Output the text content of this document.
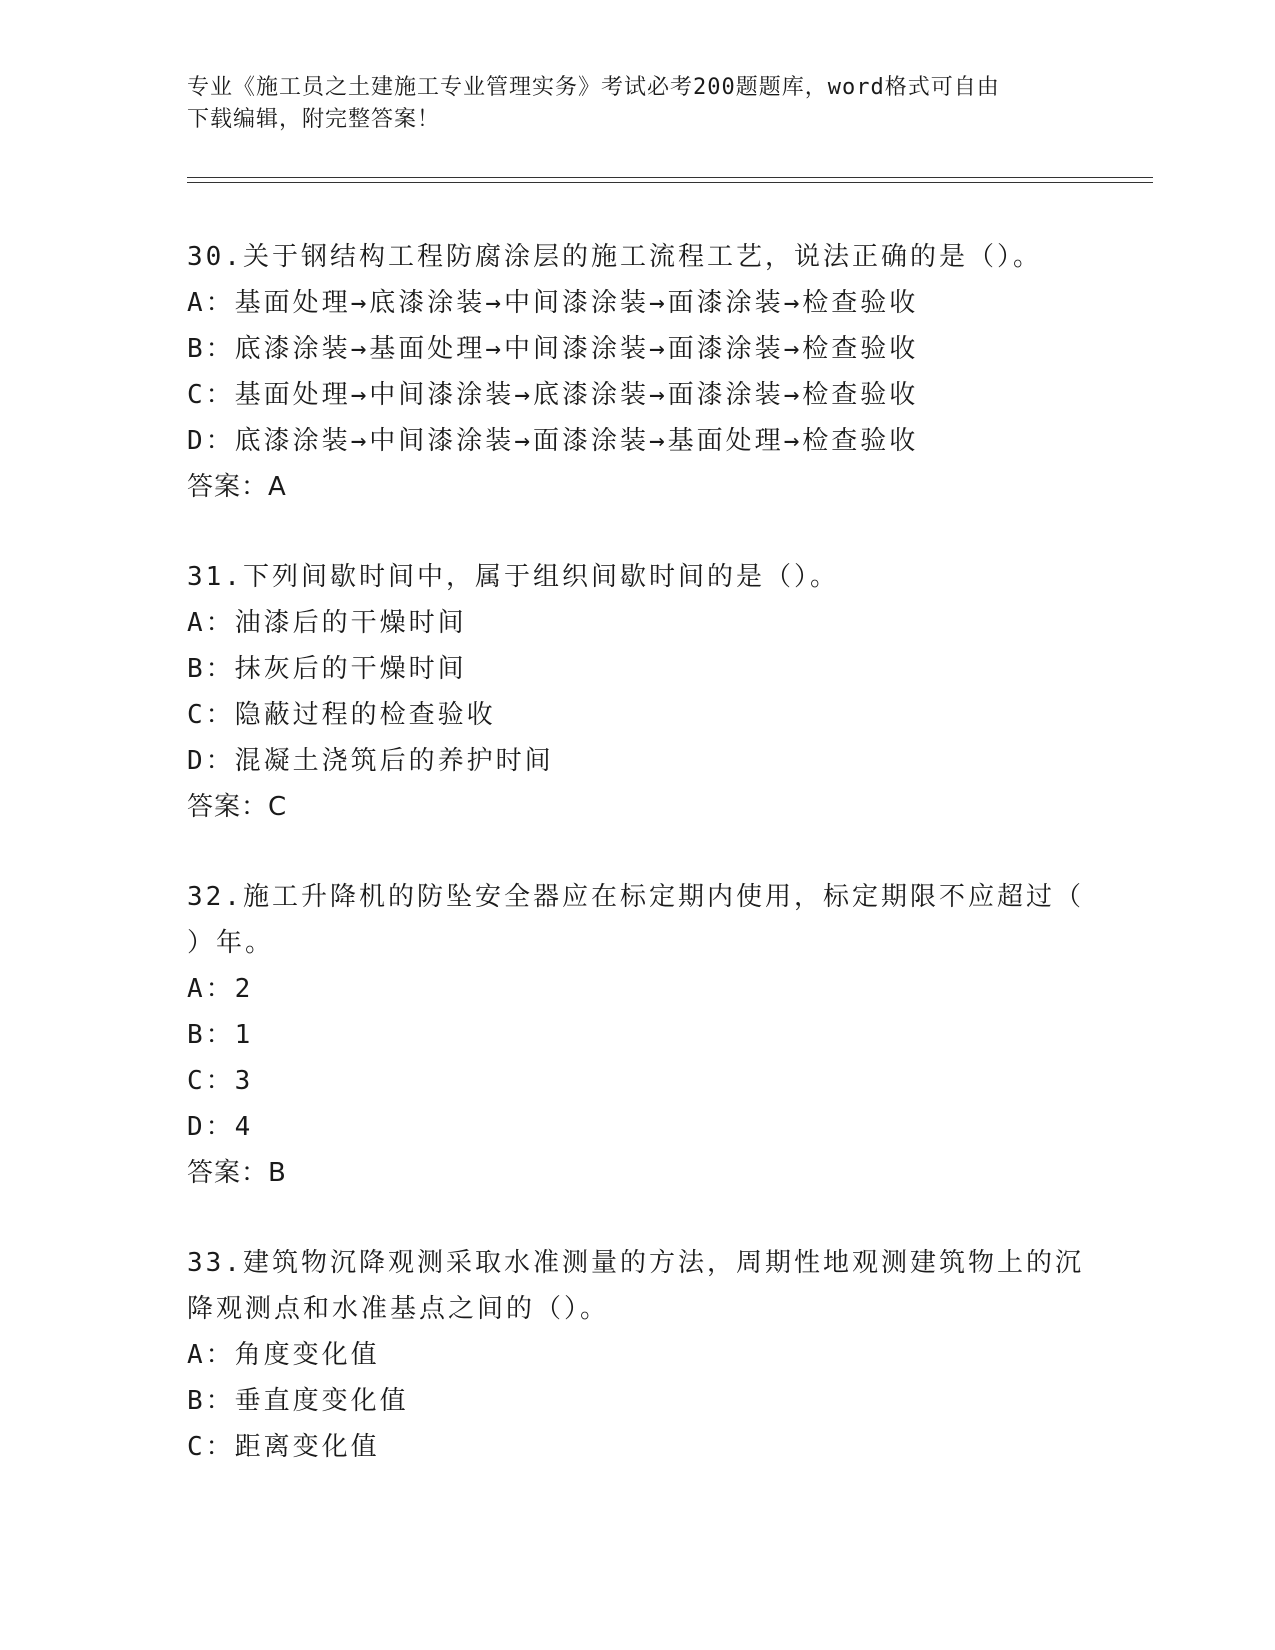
专业《施工员之土建施工专业管理实务》考试必考200题题库，word格式可自由
下载编辑，附完整答案！

30.关于钢结构工程防腐涂层的施工流程工艺，说法正确的是（）。

A：基面处理→底漆涂装→中间漆涂装→面漆涂装→检查验收

B：底漆涂装→基面处理→中间漆涂装→面漆涂装→检查验收

C：基面处理→中间漆涂装→底漆涂装→面漆涂装→检查验收

D：底漆涂装→中间漆涂装→面漆涂装→基面处理→检查验收

答案：A

31.下列间歇时间中，属于组织间歇时间的是（）。

A：油漆后的干燥时间

B：抹灰后的干燥时间

C：隐蔽过程的检查验收

D：混凝土浇筑后的养护时间

答案：C

32.施工升降机的防坠安全器应在标定期内使用，标定期限不应超过（

）年。

A：2

B：1

C：3

D：4

答案：B

33.建筑物沉降观测采取水准测量的方法，周期性地观测建筑物上的沉

降观测点和水准基点之间的（）。

A：角度变化值

B：垂直度变化值

C：距离变化值
